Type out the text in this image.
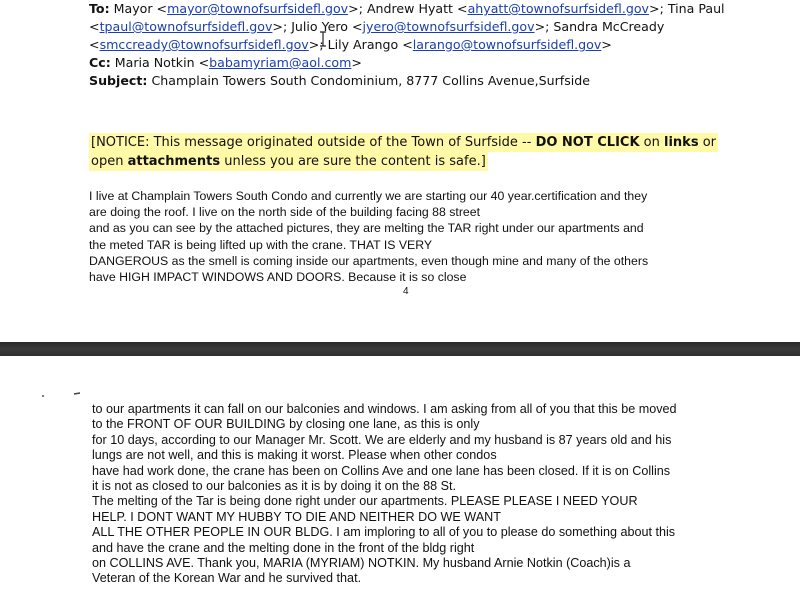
To: Mayor <mayor@townofsurfsidefl.gov>; Andrew Hyatt <ahyatt@townofsurfsidefl.gov>; Tina Paul
<tpaul@townofsurfsidefl.gov>; Julio Yero <jyero@townofsurfsidefl.gov>; Sandra McCready
<smccready@townofsurfsidefl.gov>; Lily Arango <larango@townofsurfsidefl.gov>
Cc: Maria Notkin <babamyriam@aol.com>
Subject: Champlain Towers South Condominium, 8777 Collins Avenue,Surfside
[NOTICE: This message originated outside of the Town of Surfside -- DO NOT CLICK on links or
open attachments unless you are sure the content is safe.]
I live at Champlain Towers South Condo and currently we are starting our 40 year.certification and they
are doing the roof. I live on the north side of the building facing 88 street
and as you can see by the attached pictures, they are melting the TAR right under our apartments and
the meted TAR is being lifted up with the crane. THAT IS VERY
DANGEROUS as the smell is coming inside our apartments, even though mine and many of the others
have HIGH IMPACT WINDOWS AND DOORS. Because it is so close
4
to our apartments it can fall on our balconies and windows. I am asking from all of you that this be moved
to the FRONT OF OUR BUILDING by closing one lane, as this is only
for 10 days, according to our Manager Mr. Scott. We are elderly and my husband is 87 years old and his
lungs are not well, and this is making it worst. Please when other condos
have had work done, the crane has been on Collins Ave and one lane has been closed. If it is on Collins
it is not as closed to our balconies as it is by doing it on the 88 St.
The melting of the Tar is being done right under our apartments. PLEASE PLEASE I NEED YOUR
HELP. I DONT WANT MY HUBBY TO DIE AND NEITHER DO WE WANT
ALL THE OTHER PEOPLE IN OUR BLDG. I am imploring to all of you to please do something about this
and have the crane and the melting done in the front of the bldg right
on COLLINS AVE. Thank you, MARIA (MYRIAM) NOTKIN. My husband Arnie Notkin (Coach)is a
Veteran of the Korean War and he survived that.
